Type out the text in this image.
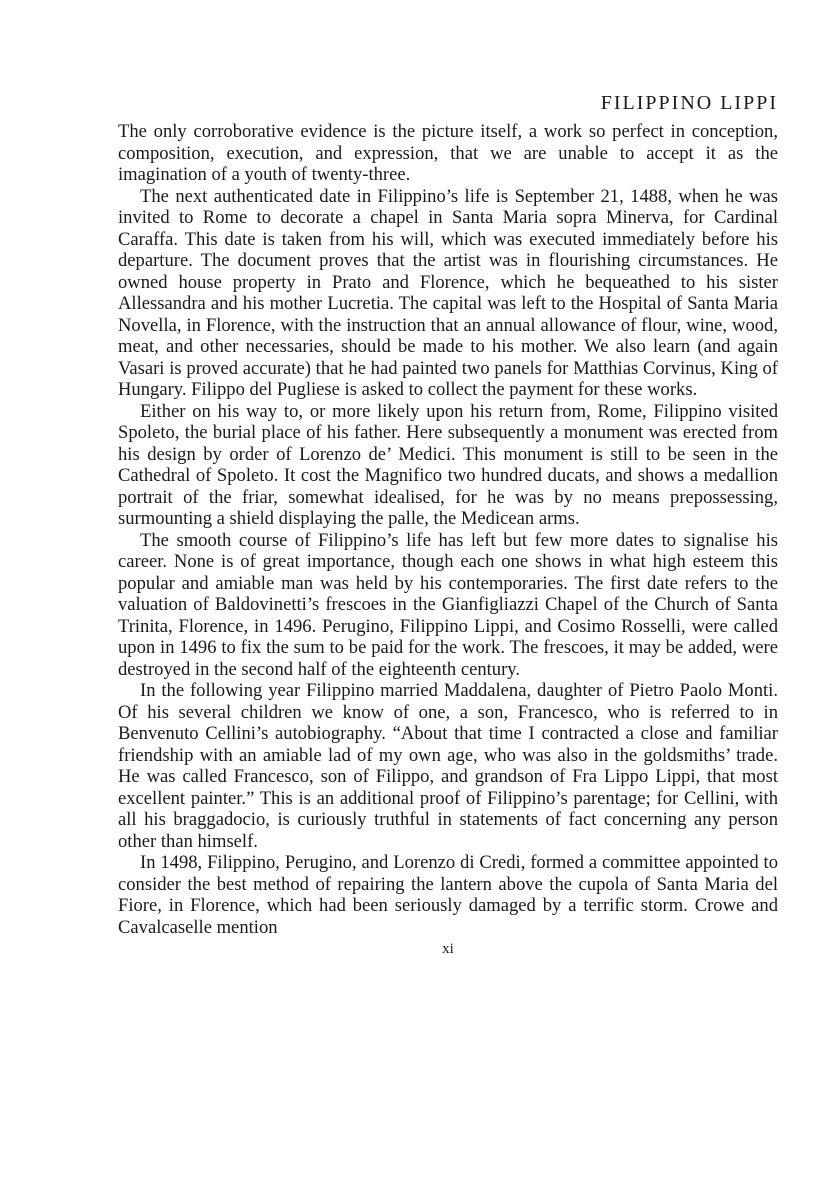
FILIPPINO LIPPI

The only corroborative evidence is the picture itself, a work so perfect in conception, composition, execution, and expression, that we are unable to accept it as the imagination of a youth of twenty-three.

The next authenticated date in Filippino’s life is September 21, 1488, when he was invited to Rome to decorate a chapel in Santa Maria sopra Minerva, for Cardinal Caraffa. This date is taken from his will, which was executed immediately before his departure. The document proves that the artist was in flourishing circumstances. He owned house property in Prato and Florence, which he bequeathed to his sister Allessandra and his mother Lucretia. The capital was left to the Hospital of Santa Maria Novella, in Florence, with the instruction that an annual allowance of flour, wine, wood, meat, and other necessaries, should be made to his mother. We also learn (and again Vasari is proved accurate) that he had painted two panels for Matthias Corvinus, King of Hungary. Filippo del Pugliese is asked to collect the payment for these works.

Either on his way to, or more likely upon his return from, Rome, Filippino visited Spoleto, the burial place of his father. Here subsequently a monument was erected from his design by order of Lorenzo de’ Medici. This monument is still to be seen in the Cathedral of Spoleto. It cost the Magnifico two hundred ducats, and shows a medallion portrait of the friar, somewhat idealised, for he was by no means prepossessing, surmounting a shield displaying the palle, the Medicean arms.

The smooth course of Filippino’s life has left but few more dates to signalise his career. None is of great importance, though each one shows in what high esteem this popular and amiable man was held by his contemporaries. The first date refers to the valuation of Baldovinetti’s frescoes in the Gianfigliazzi Chapel of the Church of Santa Trinita, Florence, in 1496. Perugino, Filippino Lippi, and Cosimo Rosselli, were called upon in 1496 to fix the sum to be paid for the work. The frescoes, it may be added, were destroyed in the second half of the eighteenth century.

In the following year Filippino married Maddalena, daughter of Pietro Paolo Monti. Of his several children we know of one, a son, Francesco, who is referred to in Benvenuto Cellini’s autobiography. “About that time I contracted a close and familiar friendship with an amiable lad of my own age, who was also in the goldsmiths’ trade. He was called Francesco, son of Filippo, and grandson of Fra Lippo Lippi, that most excellent painter.” This is an additional proof of Filippino’s parentage; for Cellini, with all his braggadocio, is curiously truthful in statements of fact concerning any person other than himself.

In 1498, Filippino, Perugino, and Lorenzo di Credi, formed a committee appointed to consider the best method of repairing the lantern above the cupola of Santa Maria del Fiore, in Florence, which had been seriously damaged by a terrific storm. Crowe and Cavalcaselle mention

xi
